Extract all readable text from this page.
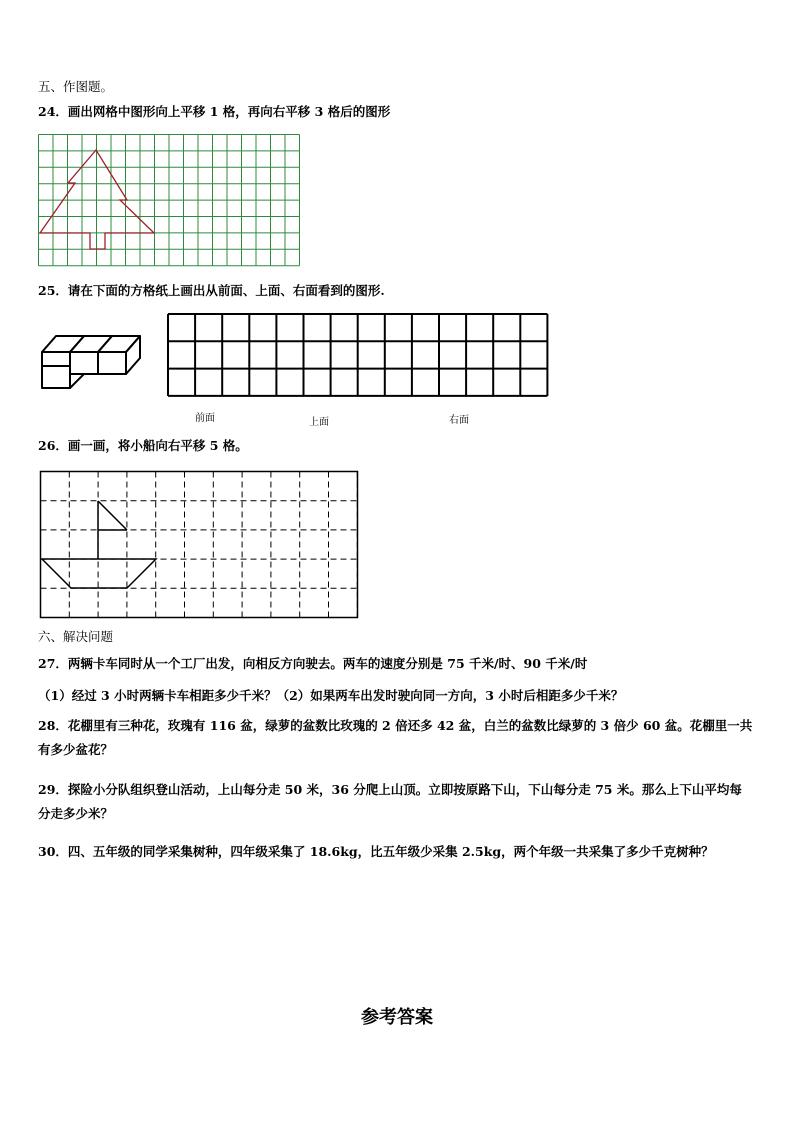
五、作图题。
24．画出网格中图形向上平移 1 格，再向右平移 3 格后的图形
25．请在下面的方格纸上画出从前面、上面、右面看到的图形.
前面	上面	右面
26．画一画，将小船向右平移 5 格。
六、解决问题
27．两辆卡车同时从一个工厂出发，向相反方向驶去。两车的速度分别是 75 千米/时、90 千米/时
（1）经过 3 小时两辆卡车相距多少千米？（2）如果两车出发时驶向同一方向，3 小时后相距多少千米？
28．花棚里有三种花，玫瑰有 116 盆，绿萝的盆数比玫瑰的 2 倍还多 42 盆，白兰的盆数比绿萝的 3 倍少 60 盆。花棚里一共有多少盆花？
29．探险小分队组织登山活动，上山每分走 50 米，36 分爬上山顶。立即按原路下山，下山每分走 75 米。那么上下山平均每分走多少米？
30．四、五年级的同学采集树种，四年级采集了 18.6kg，比五年级少采集 2.5kg，两个年级一共采集了多少千克树种？
参考答案
